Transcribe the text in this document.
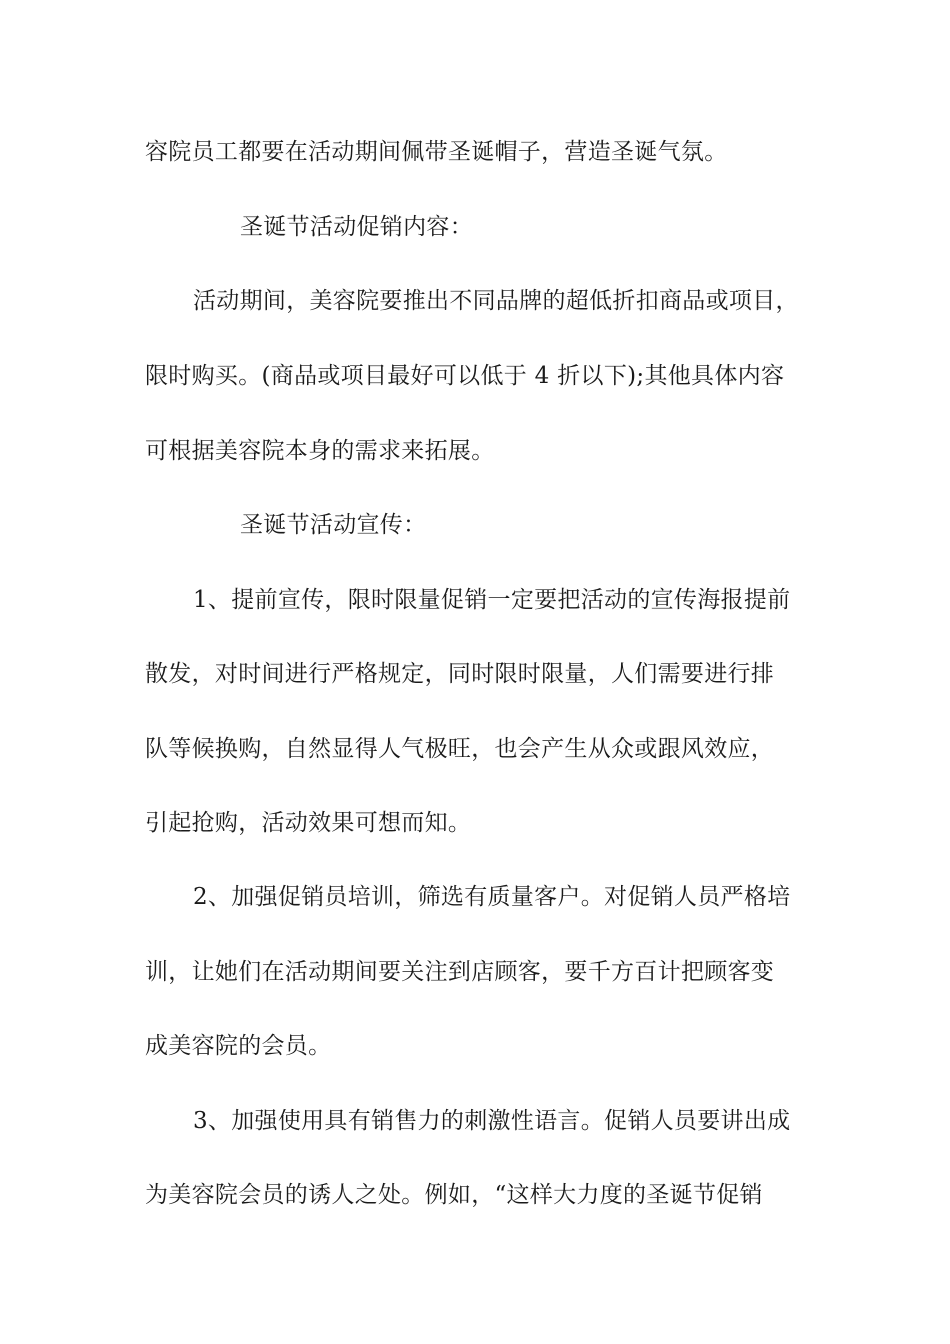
容院员工都要在活动期间佩带圣诞帽子，营造圣诞气氛。
圣诞节活动促销内容：
活动期间，美容院要推出不同品牌的超低折扣商品或项目，
限时购买。(商品或项目最好可以低于 4 折以下);其他具体内容
可根据美容院本身的需求来拓展。
圣诞节活动宣传：
1、提前宣传，限时限量促销一定要把活动的宣传海报提前
散发，对时间进行严格规定，同时限时限量，人们需要进行排
队等候换购，自然显得人气极旺，也会产生从众或跟风效应，
引起抢购，活动效果可想而知。
2、加强促销员培训，筛选有质量客户。对促销人员严格培
训，让她们在活动期间要关注到店顾客，要千方百计把顾客变
成美容院的会员。
3、加强使用具有销售力的刺激性语言。促销人员要讲出成
为美容院会员的诱人之处。例如，“这样大力度的圣诞节促销
